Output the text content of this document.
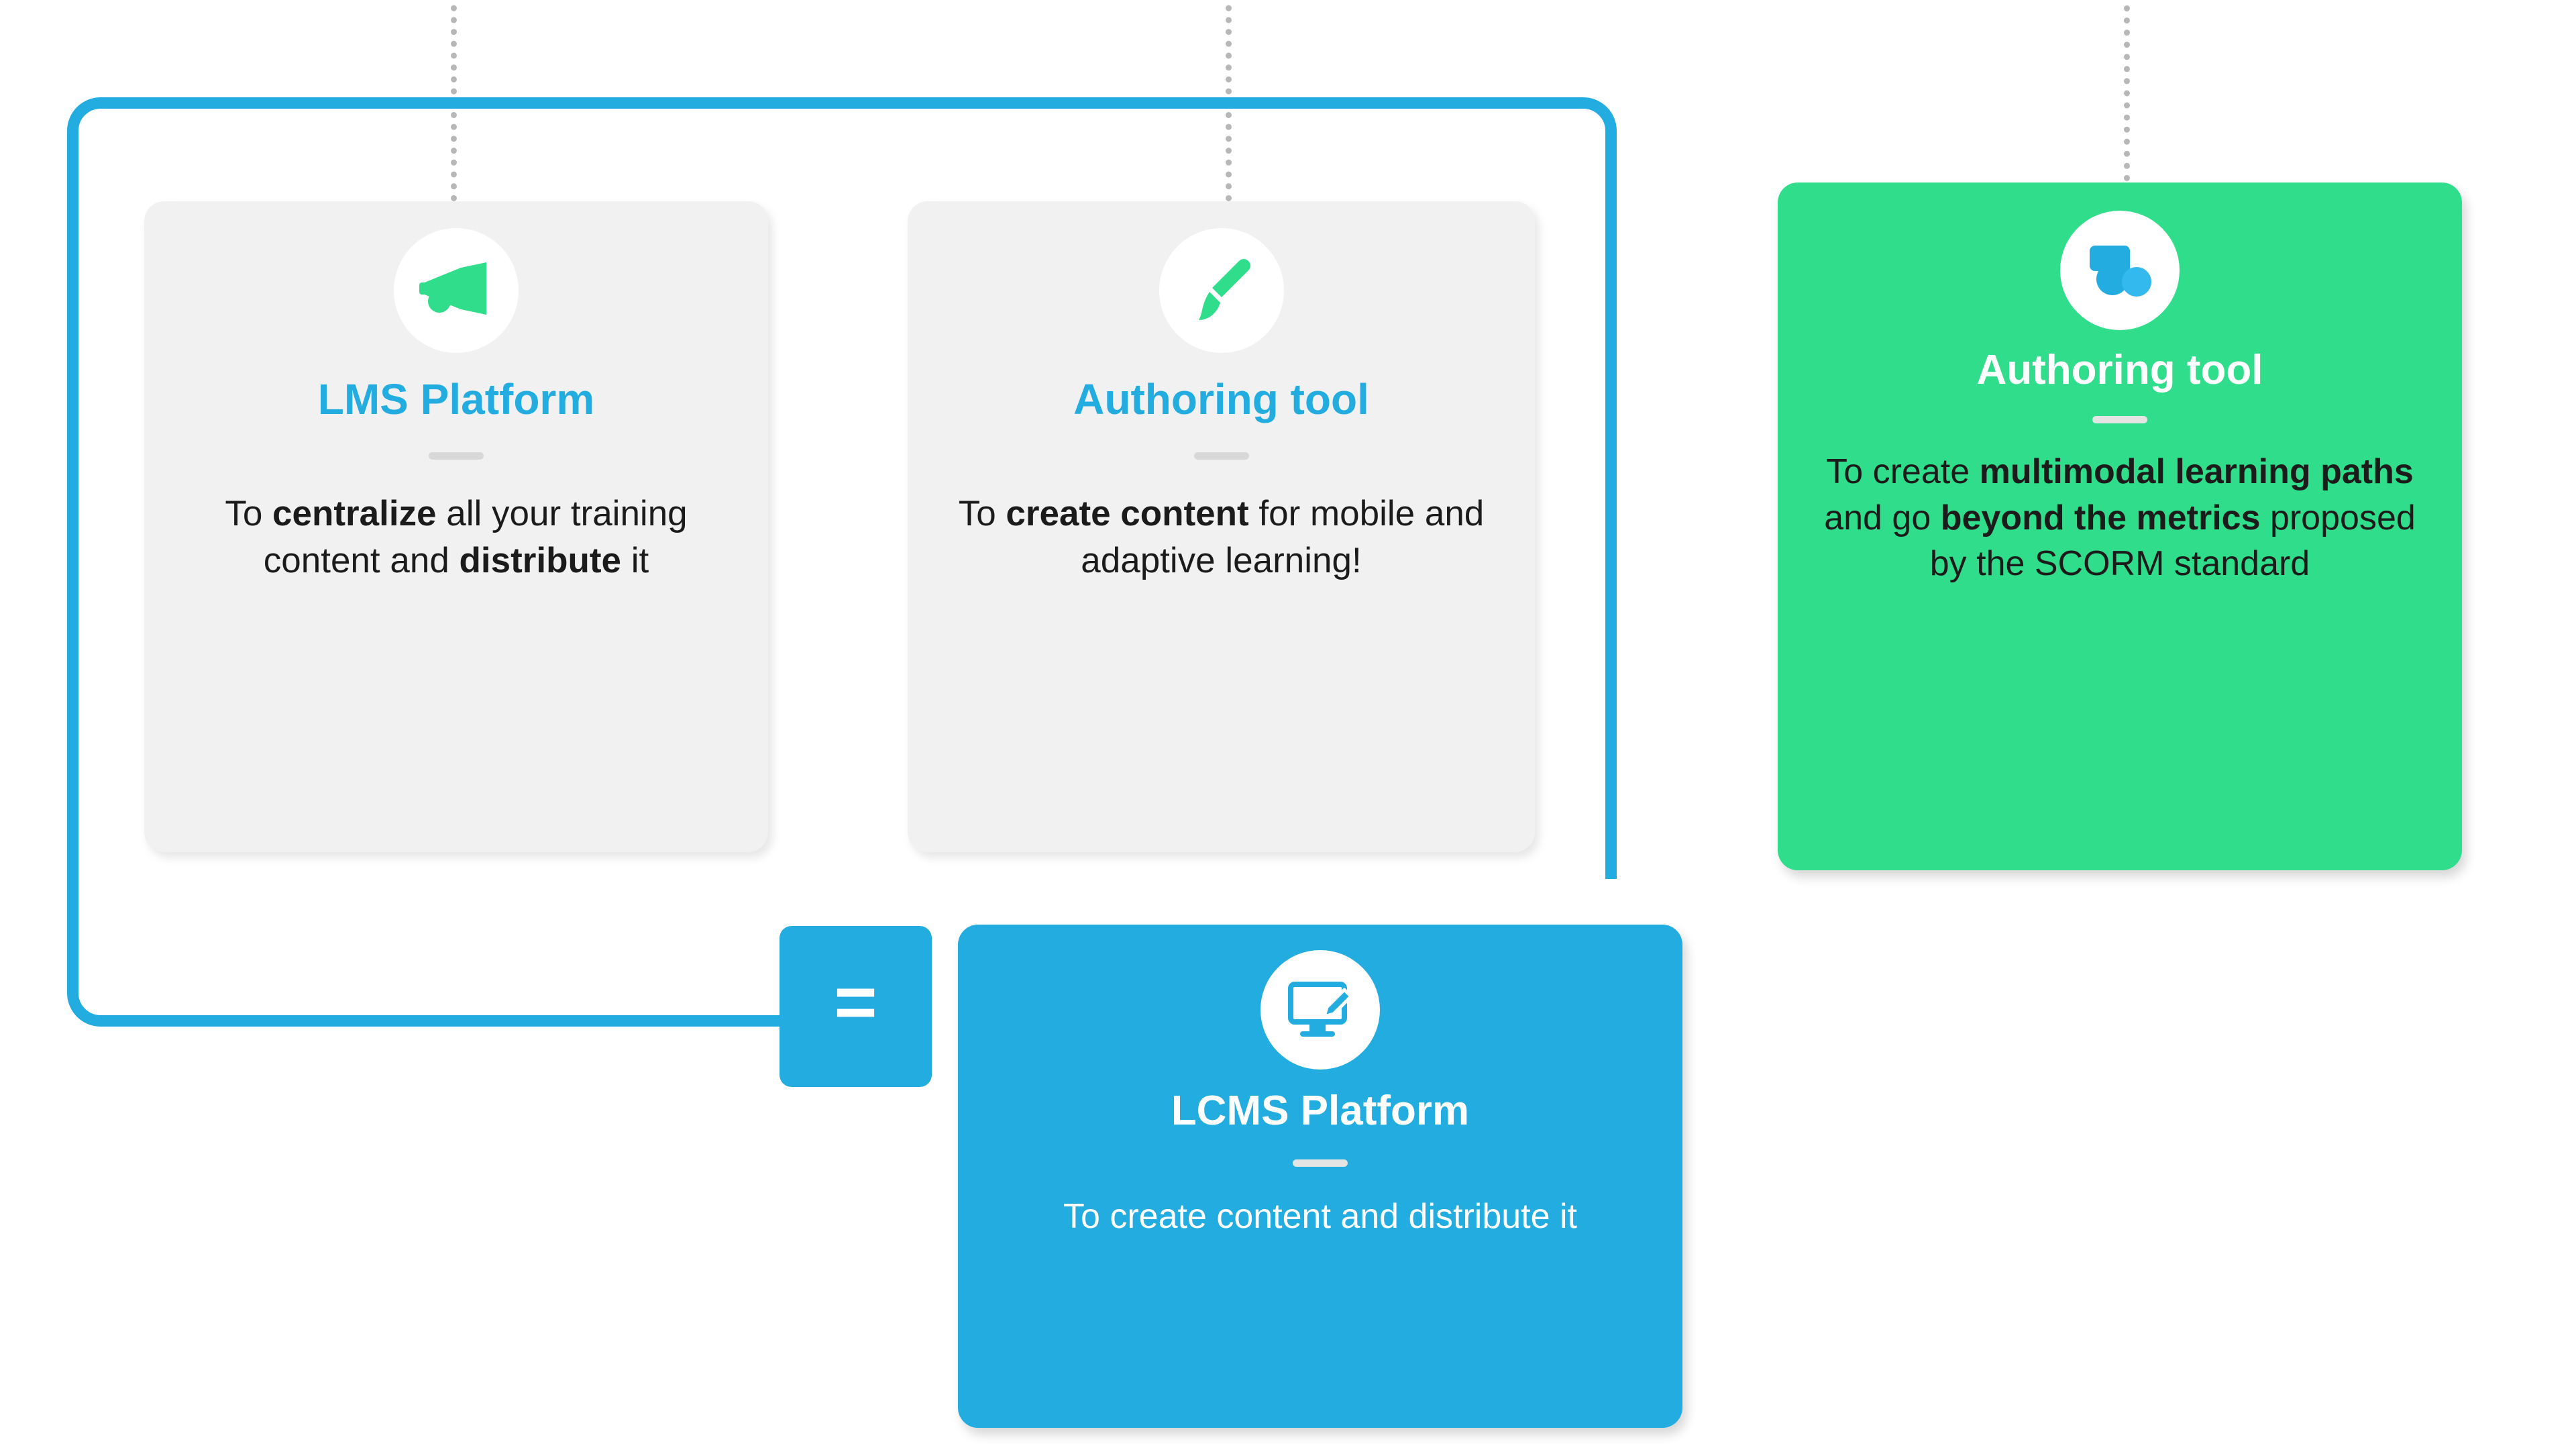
=
LMS Platform
To centralize all your training content and distribute it
Authoring tool
To create content for mobile and adaptive learning!
LCMS Platform
To create content and distribute it
Authoring tool
To create multimodal learning paths and go beyond the metrics proposed by the SCORM standard
